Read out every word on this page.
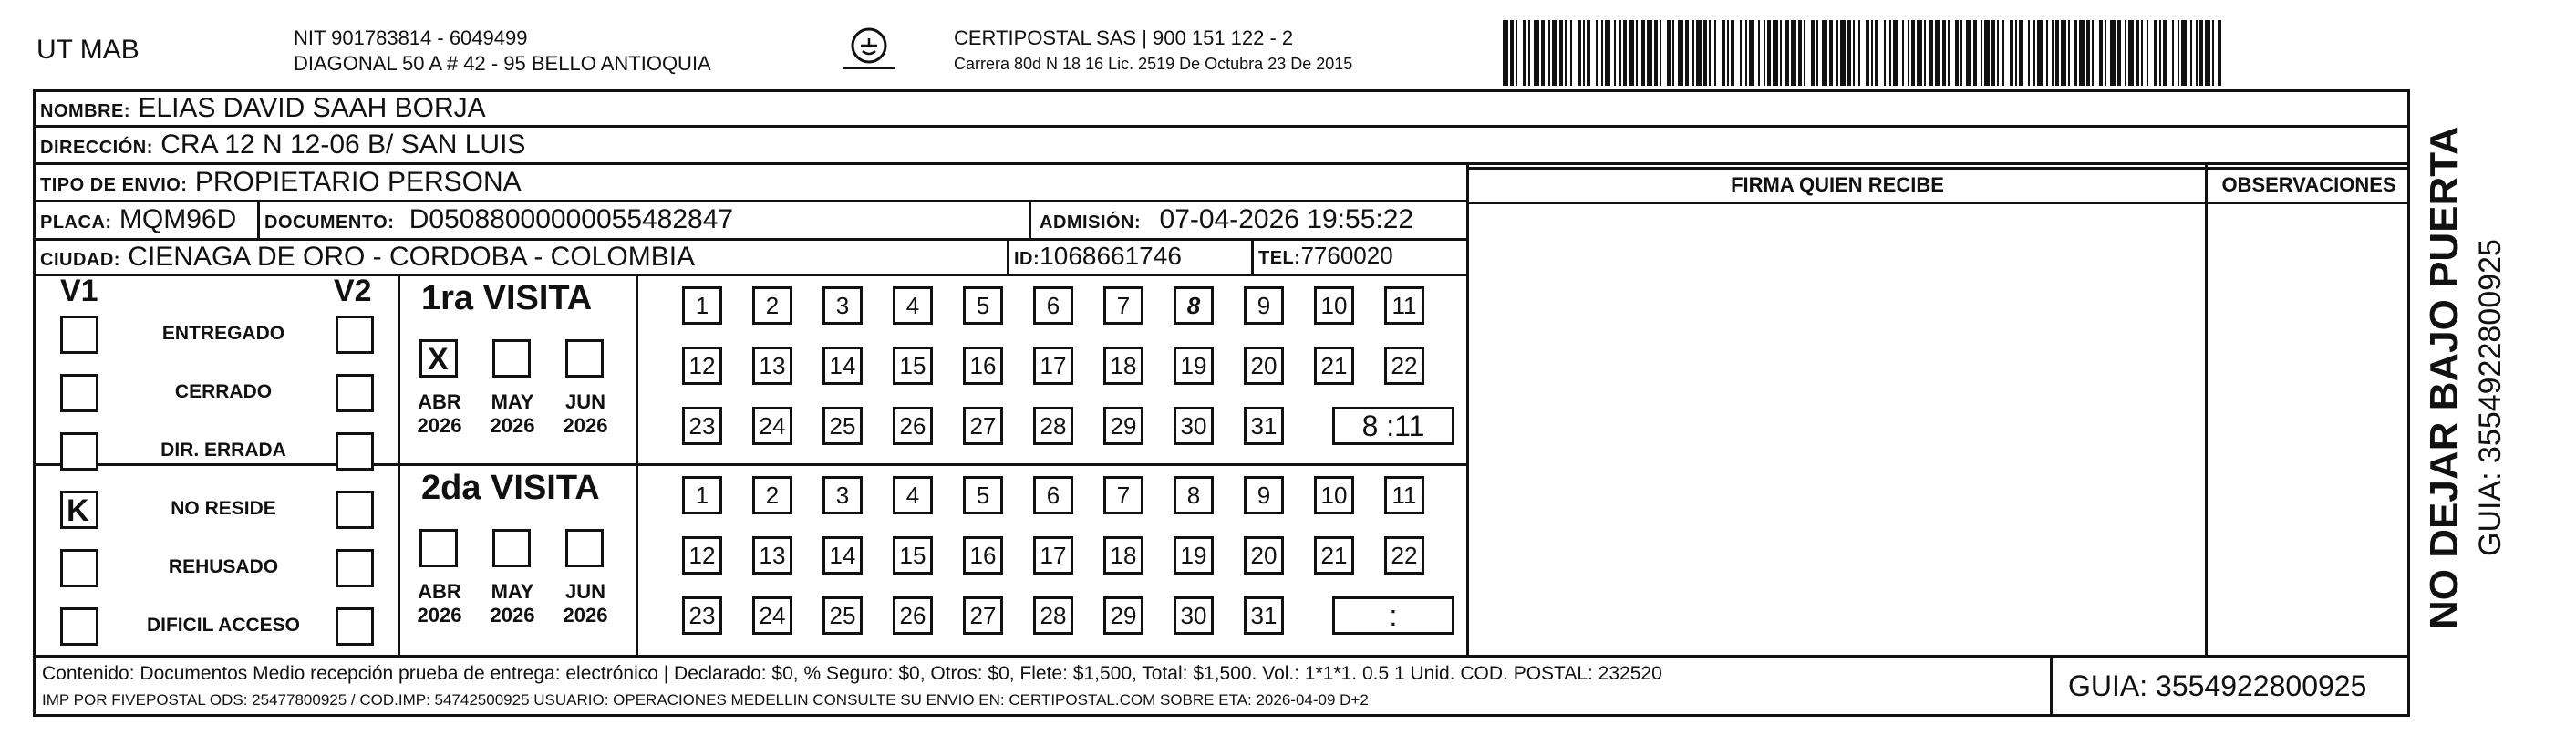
UT MAB	NIT 901783814 - 6049499
DIAGONAL 50 A # 42 - 95 BELLO ANTIOQUIA
CERTIPOSTAL SAS | 900 151 122 - 2
Carrera 80d N 18 16 Lic. 2519 De Octubra 23 De 2015
NOMBRE: ELIAS DAVID SAAH BORJA
DIRECCIÓN: CRA 12 N 12-06 B/ SAN LUIS
TIPO DE ENVIO: PROPIETARIO PERSONA
PLACA: MQM96D DOCUMENTO: D05088000000055482847	ADMISIÓN: 07-04-2026 19:55:22
CIUDAD: CIENAGA DE ORO - CORDOBA - COLOMBIA	ID:1068661746	TEL:7760020
FIRMA QUIEN RECIBE	OBSERVACIONES
V1	V2
ENTREGADO
CERRADO
DIR. ERRADA
K	NO RESIDE
REHUSADO
DIFICIL ACCESO
1ra VISITA
X
ABR
2026
MAY
2026
JUN
2026
1	2	3	4	5	6	7	8	9	10	11
12 13 14 15 16 17 18 19 20 21 22
23 24 25 26 27 28 29 30 31	8 :11
2da VISITA
ABR
2026
MAY
2026
JUN
2026
1	2	3	4	5	6	7	8	9	10	11
12 13 14 15 16 17 18 19 20 21 22
23 24 25 26 27 28 29 30 31	:
Contenido: Documentos Medio recepción prueba de entrega: electrónico | Declarado: $0, % Seguro: $0, Otros: $0, Flete: $1,500, Total: $1,500. Vol.: 1*1*1. 0.5 1 Unid. COD. POSTAL: 232520
IMP POR FIVEPOSTAL ODS: 25477800925 / COD.IMP: 54742500925 USUARIO: OPERACIONES MEDELLIN CONSULTE SU ENVIO EN: CERTIPOSTAL.COM SOBRE ETA: 2026-04-09 D+2	GUIA: 3554922800925
NO DEJAR BAJO PUERTA GUIA: 3554922800925
